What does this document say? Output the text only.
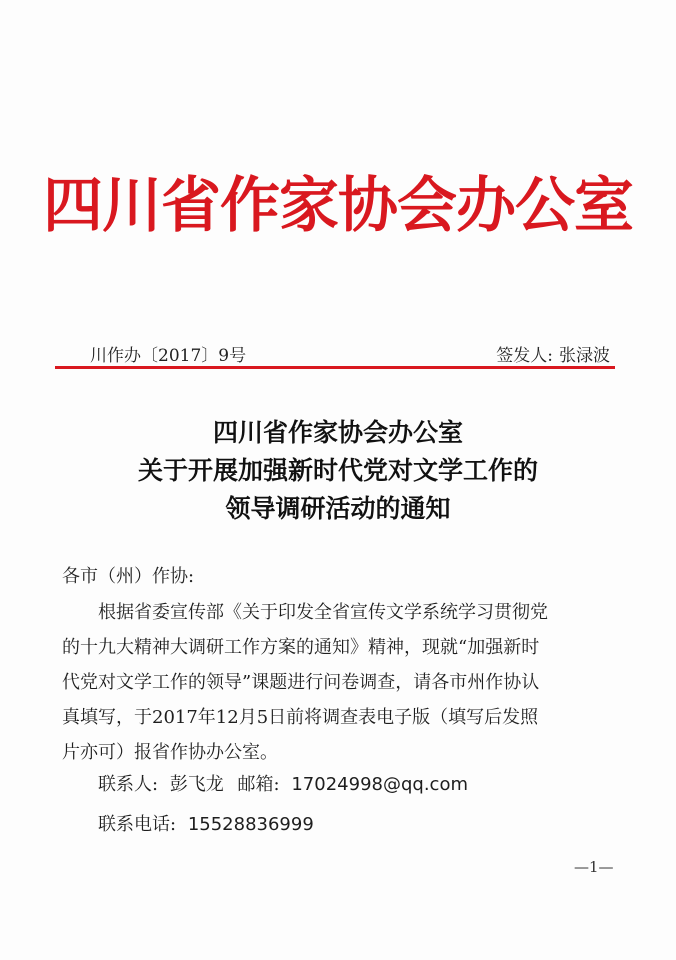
四川省作家协会办公室
川作办〔2017〕9号	签发人: 张渌波
四川省作家协会办公室
关于开展加强新时代党对文学工作的
领导调研活动的通知
各市（州）作协:
根据省委宣传部《关于印发全省宣传文学系统学习贯彻党
的十九大精神大调研工作方案的通知》精神，现就“加强新时
代党对文学工作的领导”课题进行问卷调查，请各市州作协认
真填写，于2017年12月5日前将调查表电子版（填写后发照
片亦可）报省作协办公室。
联系人: 彭飞龙 邮箱: 17024998@qq.com
联系电话: 15528836999
—1—
